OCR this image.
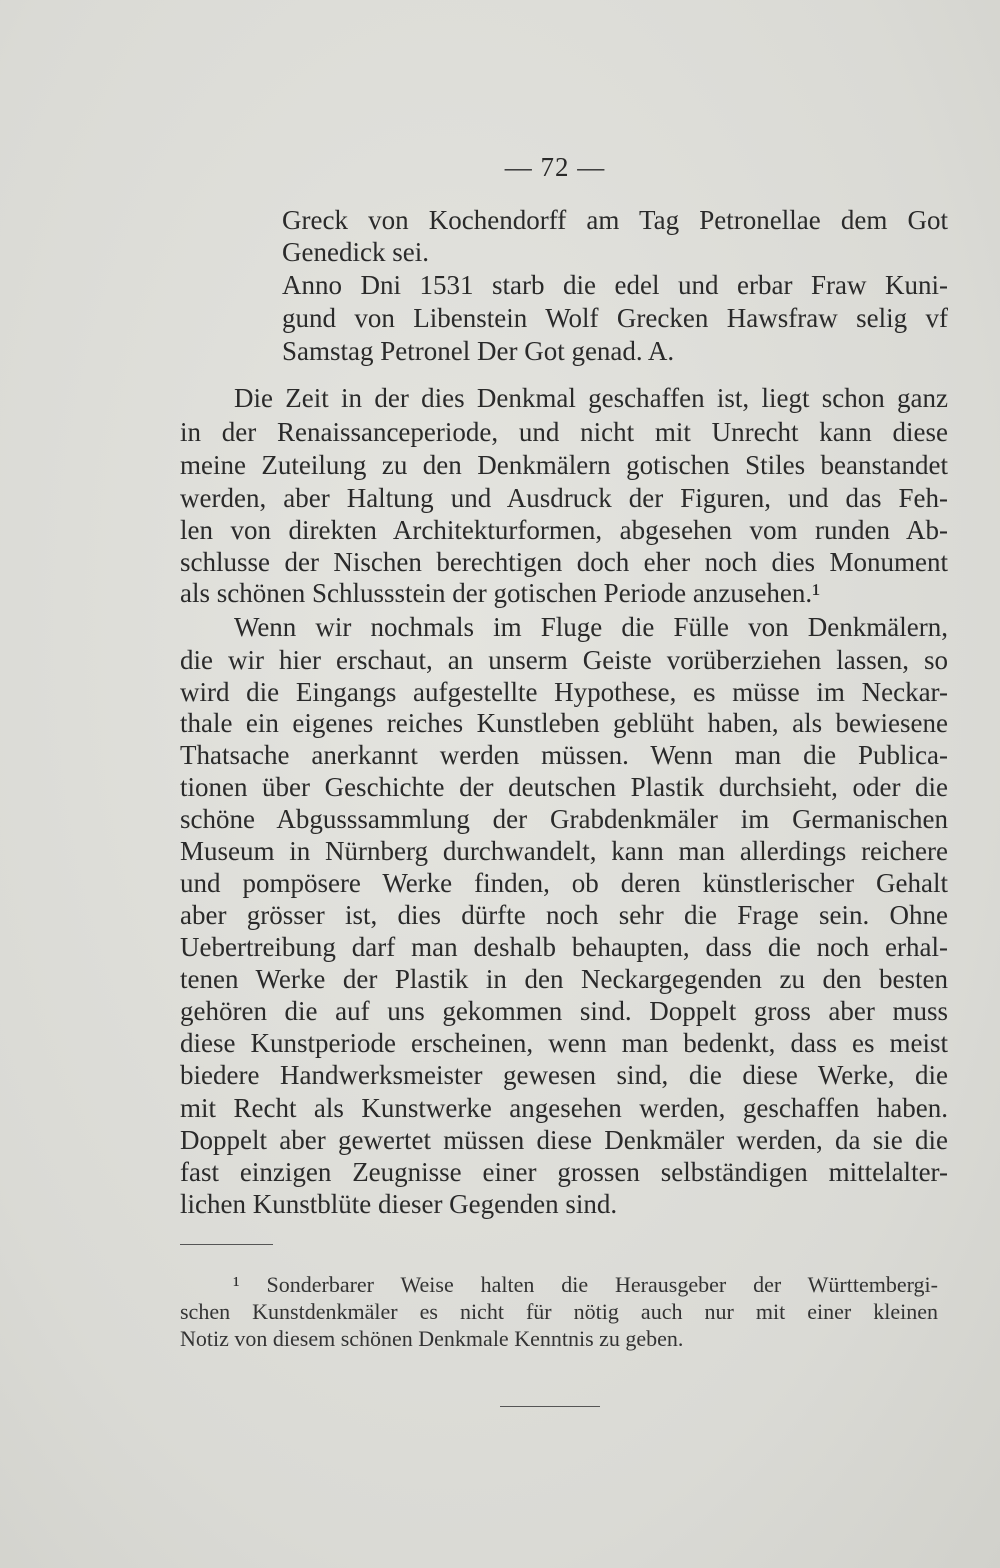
— 72 —
Greck von Kochendorff am Tag Petronellae dem Got
Genedick sei.
Anno Dni 1531 starb die edel und erbar Fraw Kuni-
gund von Libenstein Wolf Grecken Hawsfraw selig vf
Samstag Petronel Der Got genad. A.
Die Zeit in der dies Denkmal geschaffen ist, liegt schon ganz
in der Renaissanceperiode, und nicht mit Unrecht kann diese
meine Zuteilung zu den Denkmälern gotischen Stiles beanstandet
werden, aber Haltung und Ausdruck der Figuren, und das Feh-
len von direkten Architekturformen, abgesehen vom runden Ab-
schlusse der Nischen berechtigen doch eher noch dies Monument
als schönen Schlussstein der gotischen Periode anzusehen.¹
Wenn wir nochmals im Fluge die Fülle von Denkmälern,
die wir hier erschaut, an unserm Geiste vorüberziehen lassen, so
wird die Eingangs aufgestellte Hypothese, es müsse im Neckar-
thale ein eigenes reiches Kunstleben geblüht haben, als bewiesene
Thatsache anerkannt werden müssen. Wenn man die Publica-
tionen über Geschichte der deutschen Plastik durchsieht, oder die
schöne Abgusssammlung der Grabdenkmäler im Germanischen
Museum in Nürnberg durchwandelt, kann man allerdings reichere
und pompösere Werke finden, ob deren künstlerischer Gehalt
aber grösser ist, dies dürfte noch sehr die Frage sein. Ohne
Uebertreibung darf man deshalb behaupten, dass die noch erhal-
tenen Werke der Plastik in den Neckargegenden zu den besten
gehören die auf uns gekommen sind. Doppelt gross aber muss
diese Kunstperiode erscheinen, wenn man bedenkt, dass es meist
biedere Handwerksmeister gewesen sind, die diese Werke, die
mit Recht als Kunstwerke angesehen werden, geschaffen haben.
Doppelt aber gewertet müssen diese Denkmäler werden, da sie die
fast einzigen Zeugnisse einer grossen selbständigen mittelalter-
lichen Kunstblüte dieser Gegenden sind.
¹ Sonderbarer Weise halten die Herausgeber der Württembergi-
schen Kunstdenkmäler es nicht für nötig auch nur mit einer kleinen
Notiz von diesem schönen Denkmale Kenntnis zu geben.
